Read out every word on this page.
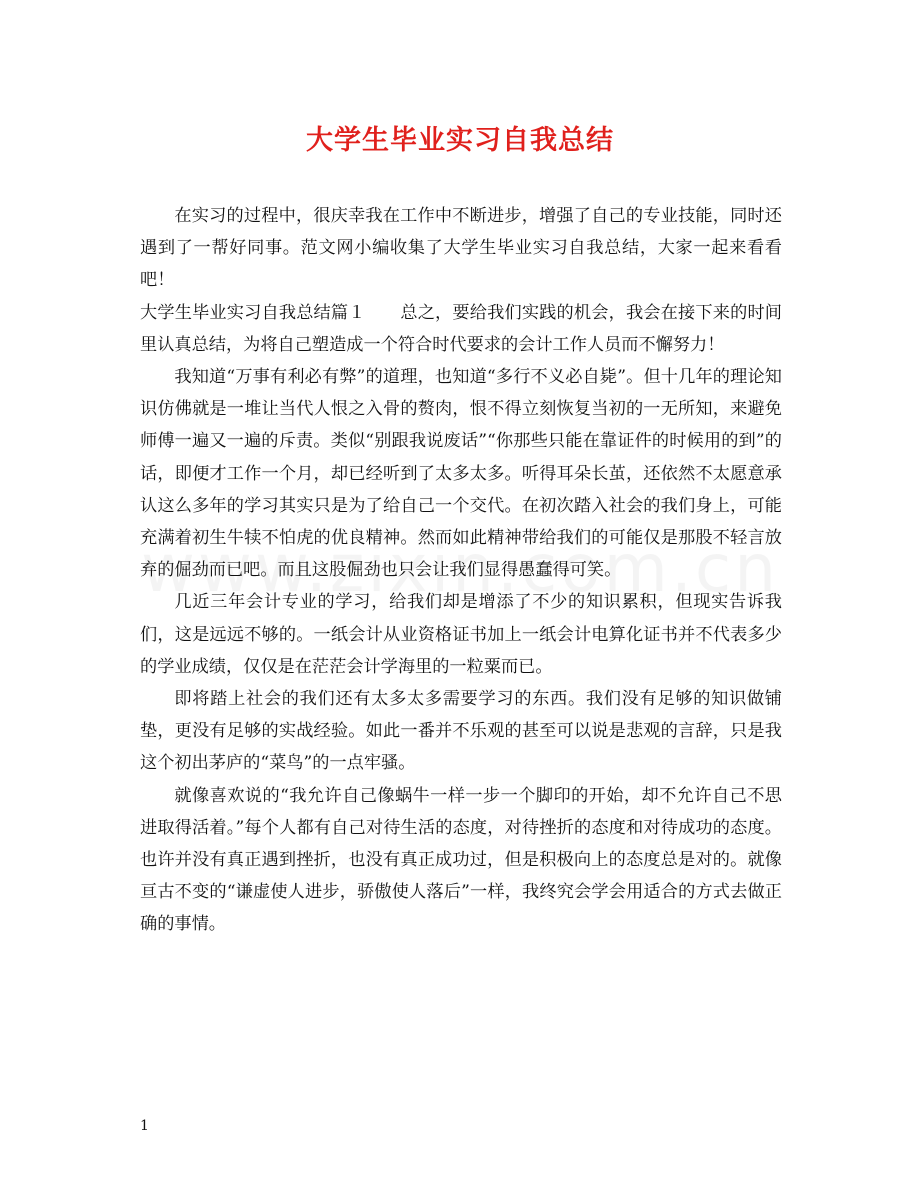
大学生毕业实习自我总结

在实习的过程中，很庆幸我在工作中不断进步，增强了自己的专业技能，同时还遇到了一帮好同事。范文网小编收集了大学生毕业实习自我总结，大家一起来看看吧！

大学生毕业实习自我总结篇１　　总之，要给我们实践的机会，我会在接下来的时间里认真总结，为将自己塑造成一个符合时代要求的会计工作人员而不懈努力！

我知道“万事有利必有弊”的道理，也知道“多行不义必自毙”。但十几年的理论知识仿佛就是一堆让当代人恨之入骨的赘肉，恨不得立刻恢复当初的一无所知，来避免师傅一遍又一遍的斥责。类似“别跟我说废话”“你那些只能在靠证件的时候用的到”的话，即便才工作一个月，却已经听到了太多太多。听得耳朵长茧，还依然不太愿意承认这么多年的学习其实只是为了给自己一个交代。在初次踏入社会的我们身上，可能充满着初生牛犊不怕虎的优良精神。然而如此精神带给我们的可能仅是那股不轻言放弃的倔劲而已吧。而且这股倔劲也只会让我们显得愚蠢得可笑。

几近三年会计专业的学习，给我们却是增添了不少的知识累积，但现实告诉我们，这是远远不够的。一纸会计从业资格证书加上一纸会计电算化证书并不代表多少的学业成绩，仅仅是在茫茫会计学海里的一粒粟而已。

即将踏上社会的我们还有太多太多需要学习的东西。我们没有足够的知识做铺垫，更没有足够的实战经验。如此一番并不乐观的甚至可以说是悲观的言辞，只是我这个初出茅庐的“菜鸟”的一点牢骚。

就像喜欢说的“我允许自己像蜗牛一样一步一个脚印的开始，却不允许自己不思进取得活着。”每个人都有自己对待生活的态度，对待挫折的态度和对待成功的态度。也许并没有真正遇到挫折，也没有真正成功过，但是积极向上的态度总是对的。就像亘古不变的“谦虚使人进步，骄傲使人落后”一样，我终究会学会用适合的方式去做正确的事情。

1
